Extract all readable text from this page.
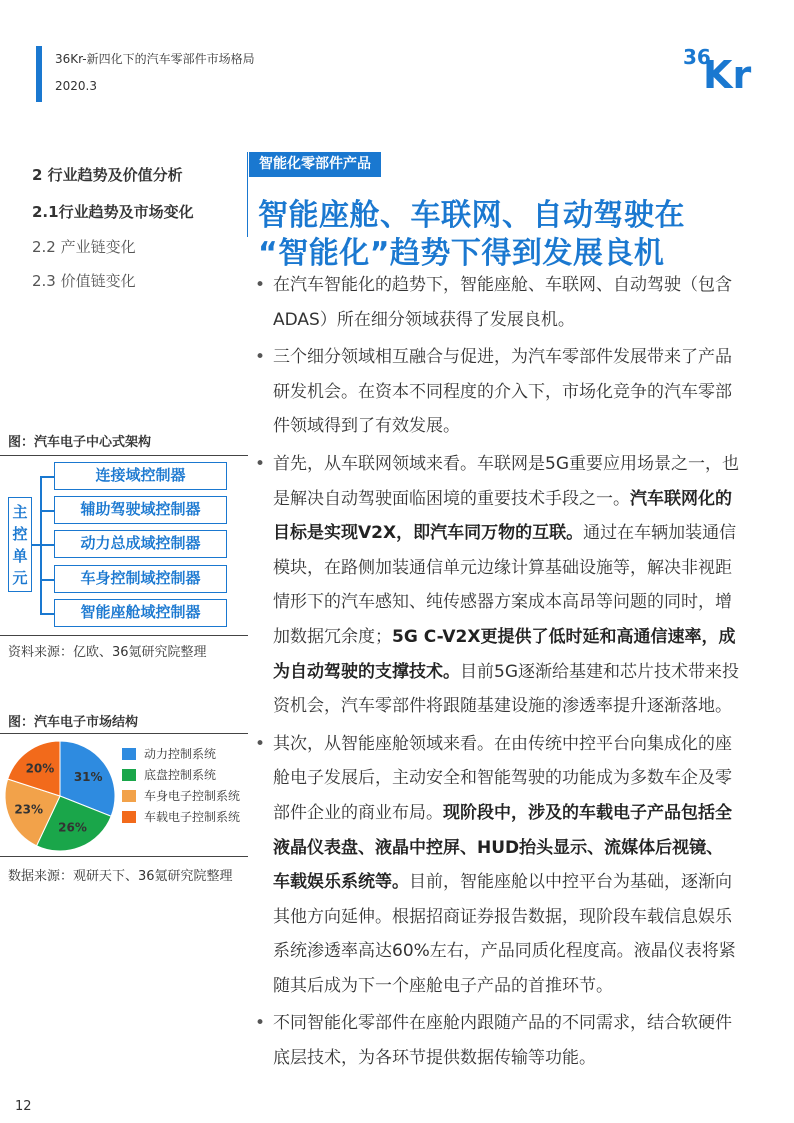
36Kr-新四化下的汽车零部件市场格局
2020.3
36
Kr
2 行业趋势及价值分析
2.1行业趋势及市场变化
2.2 产业链变化
2.3 价值链变化
智能化零部件产品
智能座舱、车联网、自动驾驶在
“智能化”趋势下得到发展良机
• 在汽车智能化的趋势下，智能座舱、车联网、自动驾驶（包含ADAS）所在细分领域获得了发展良机。
• 三个细分领域相互融合与促进，为汽车零部件发展带来了产品研发机会。在资本不同程度的介入下，市场化竞争的汽车零部件领域得到了有效发展。
• 首先，从车联网领域来看。车联网是5G重要应用场景之一，也是解决自动驾驶面临困境的重要技术手段之一。汽车联网化的目标是实现V2X，即汽车同万物的互联。通过在车辆加装通信模块，在路侧加装通信单元边缘计算基础设施等，解决非视距情形下的汽车感知、纯传感器方案成本高昂等问题的同时，增加数据冗余度；5G C-V2X更提供了低时延和高通信速率，成为自动驾驶的支撑技术。目前5G逐渐给基建和芯片技术带来投资机会，汽车零部件将跟随基建设施的渗透率提升逐渐落地。
• 其次，从智能座舱领域来看。在由传统中控平台向集成化的座舱电子发展后，主动安全和智能驾驶的功能成为多数车企及零部件企业的商业布局。现阶段中，涉及的车载电子产品包括全液晶仪表盘、液晶中控屏、HUD抬头显示、流媒体后视镜、车载娱乐系统等。目前，智能座舱以中控平台为基础，逐渐向其他方向延伸。根据招商证券报告数据，现阶段车载信息娱乐系统渗透率高达60%左右，产品同质化程度高。液晶仪表将紧随其后成为下一个座舱电子产品的首推环节。
• 不同智能化零部件在座舱内跟随产品的不同需求，结合软硬件底层技术，为各环节提供数据传输等功能。
图：汽车电子中心式架构
主
控
单
元
连接域控制器
辅助驾驶域控制器
动力总成域控制器
车身控制域控制器
智能座舱域控制器
资料来源：亿欧、36氪研究院整理
图：汽车电子市场结构
31%
26%
23%
20%
动力控制系统
底盘控制系统
车身电子控制系统
车载电子控制系统
数据来源：观研天下、36氪研究院整理
12
